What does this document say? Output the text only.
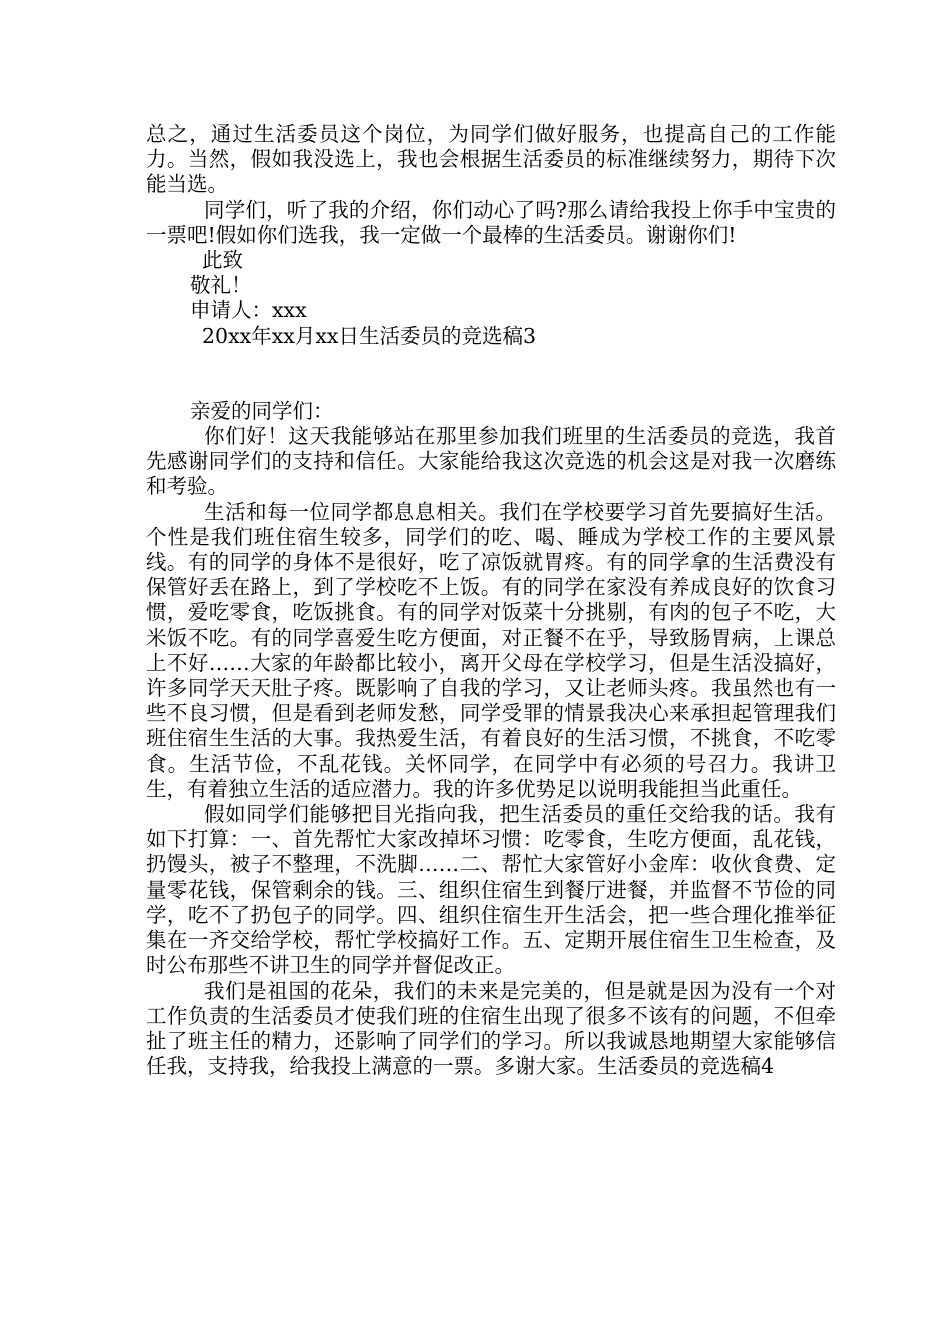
总之，通过生活委员这个岗位，为同学们做好服务，也提高自己的工作能力。当然，假如我没选上，我也会根据生活委员的标准继续努力，期待下次能当选。

同学们，听了我的介绍，你们动心了吗?那么请给我投上你手中宝贵的一票吧!假如你们选我，我一定做一个最棒的生活委员。谢谢你们!

此致

敬礼！

申请人：xxx

20xx年xx月xx日生活委员的竞选稿3

亲爱的同学们：

你们好！这天我能够站在那里参加我们班里的生活委员的竞选，我首先感谢同学们的支持和信任。大家能给我这次竞选的机会这是对我一次磨练和考验。

生活和每一位同学都息息相关。我们在学校要学习首先要搞好生活。个性是我们班住宿生较多，同学们的吃、喝、睡成为学校工作的主要风景线。有的同学的身体不是很好，吃了凉饭就胃疼。有的同学拿的生活费没有保管好丢在路上，到了学校吃不上饭。有的同学在家没有养成良好的饮食习惯，爱吃零食，吃饭挑食。有的同学对饭菜十分挑剔，有肉的包子不吃，大米饭不吃。有的同学喜爱生吃方便面，对正餐不在乎，导致肠胃病，上课总上不好……大家的年龄都比较小，离开父母在学校学习，但是生活没搞好，许多同学天天肚子疼。既影响了自我的学习，又让老师头疼。我虽然也有一些不良习惯，但是看到老师发愁，同学受罪的情景我决心来承担起管理我们班住宿生生活的大事。我热爱生活，有着良好的生活习惯，不挑食，不吃零食。生活节俭，不乱花钱。关怀同学，在同学中有必须的号召力。我讲卫生，有着独立生活的适应潜力。我的许多优势足以说明我能担当此重任。

假如同学们能够把目光指向我，把生活委员的重任交给我的话。我有如下打算：一、首先帮忙大家改掉坏习惯：吃零食，生吃方便面，乱花钱，扔馒头，被子不整理，不洗脚……二、帮忙大家管好小金库：收伙食费、定量零花钱，保管剩余的钱。三、组织住宿生到餐厅进餐，并监督不节俭的同学，吃不了扔包子的同学。四、组织住宿生开生活会，把一些合理化推举征集在一齐交给学校，帮忙学校搞好工作。五、定期开展住宿生卫生检查，及时公布那些不讲卫生的同学并督促改正。

我们是祖国的花朵，我们的未来是完美的，但是就是因为没有一个对工作负责的生活委员才使我们班的住宿生出现了很多不该有的问题，不但牵扯了班主任的精力，还影响了同学们的学习。所以我诚恳地期望大家能够信任我，支持我，给我投上满意的一票。多谢大家。生活委员的竞选稿4
